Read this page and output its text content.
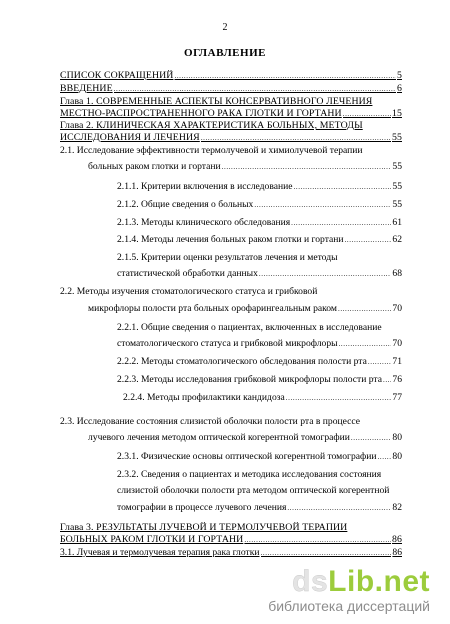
2
ОГЛАВЛЕНИЕ
СПИСОК СОКРАЩЕНИЙ .....	5
ВВЕДЕНИЕ .....	6
Глава 1. СОВРЕМЕННЫЕ АСПЕКТЫ КОНСЕРВАТИВНОГО ЛЕЧЕНИЯ
МЕСТНО-РАСПРОСТРАНЕННОГО РАКА ГЛОТКИ И ГОРТАНИ .....	15
Глава 2. КЛИНИЧЕСКАЯ ХАРАКТЕРИСТИКА БОЛЬНЫХ, МЕТОДЫ
ИССЛЕДОВАНИЯ И ЛЕЧЕНИЯ .....	55
2.1. Исследование эффективности термолучевой и химиолучевой терапии
больных раком глотки и гортани .....	55
2.1.1. Критерии включения в исследование .....	55
2.1.2. Общие сведения о больных .....	55
2.1.3. Методы клинического обследования .....	61
2.1.4. Методы лечения больных раком глотки и гортани .....	62
2.1.5. Критерии оценки результатов лечения и методы
статистической обработки данных .....	68
2.2. Методы изучения стоматологического статуса и грибковой
микрофлоры полости рта больных орофарингеальным раком .....	70
2.2.1. Общие сведения о пациентах, включенных в исследование
стоматологического статуса и грибковой микрофлоры .....	70
2.2.2. Методы стоматологического обследования полости рта .....	71
2.2.3. Методы исследования грибковой микрофлоры полости рта ..... 76
2.2.4. Методы профилактики кандидоза .....	77
2.3. Исследование состояния слизистой оболочки полости рта в процессе
лучевого лечения методом оптической когерентной томографии .....	80
2.3.1. Физические основы оптической когерентной томографии ..... 80
2.3.2. Сведения о пациентах и методика исследования состояния
слизистой оболочки полости рта методом оптической когерентной
томографии в процессе лучевого лечения .....	82
Глава 3. РЕЗУЛЬТАТЫ ЛУЧЕВОЙ И ТЕРМОЛУЧЕВОЙ ТЕРАПИИ
БОЛЬНЫХ РАКОМ ГЛОТКИ И ГОРТАНИ .....	86
3.1. Лучевая и термолучевая терапия рака глотки .....	86
dsLib.net
библиотека диссертаций
